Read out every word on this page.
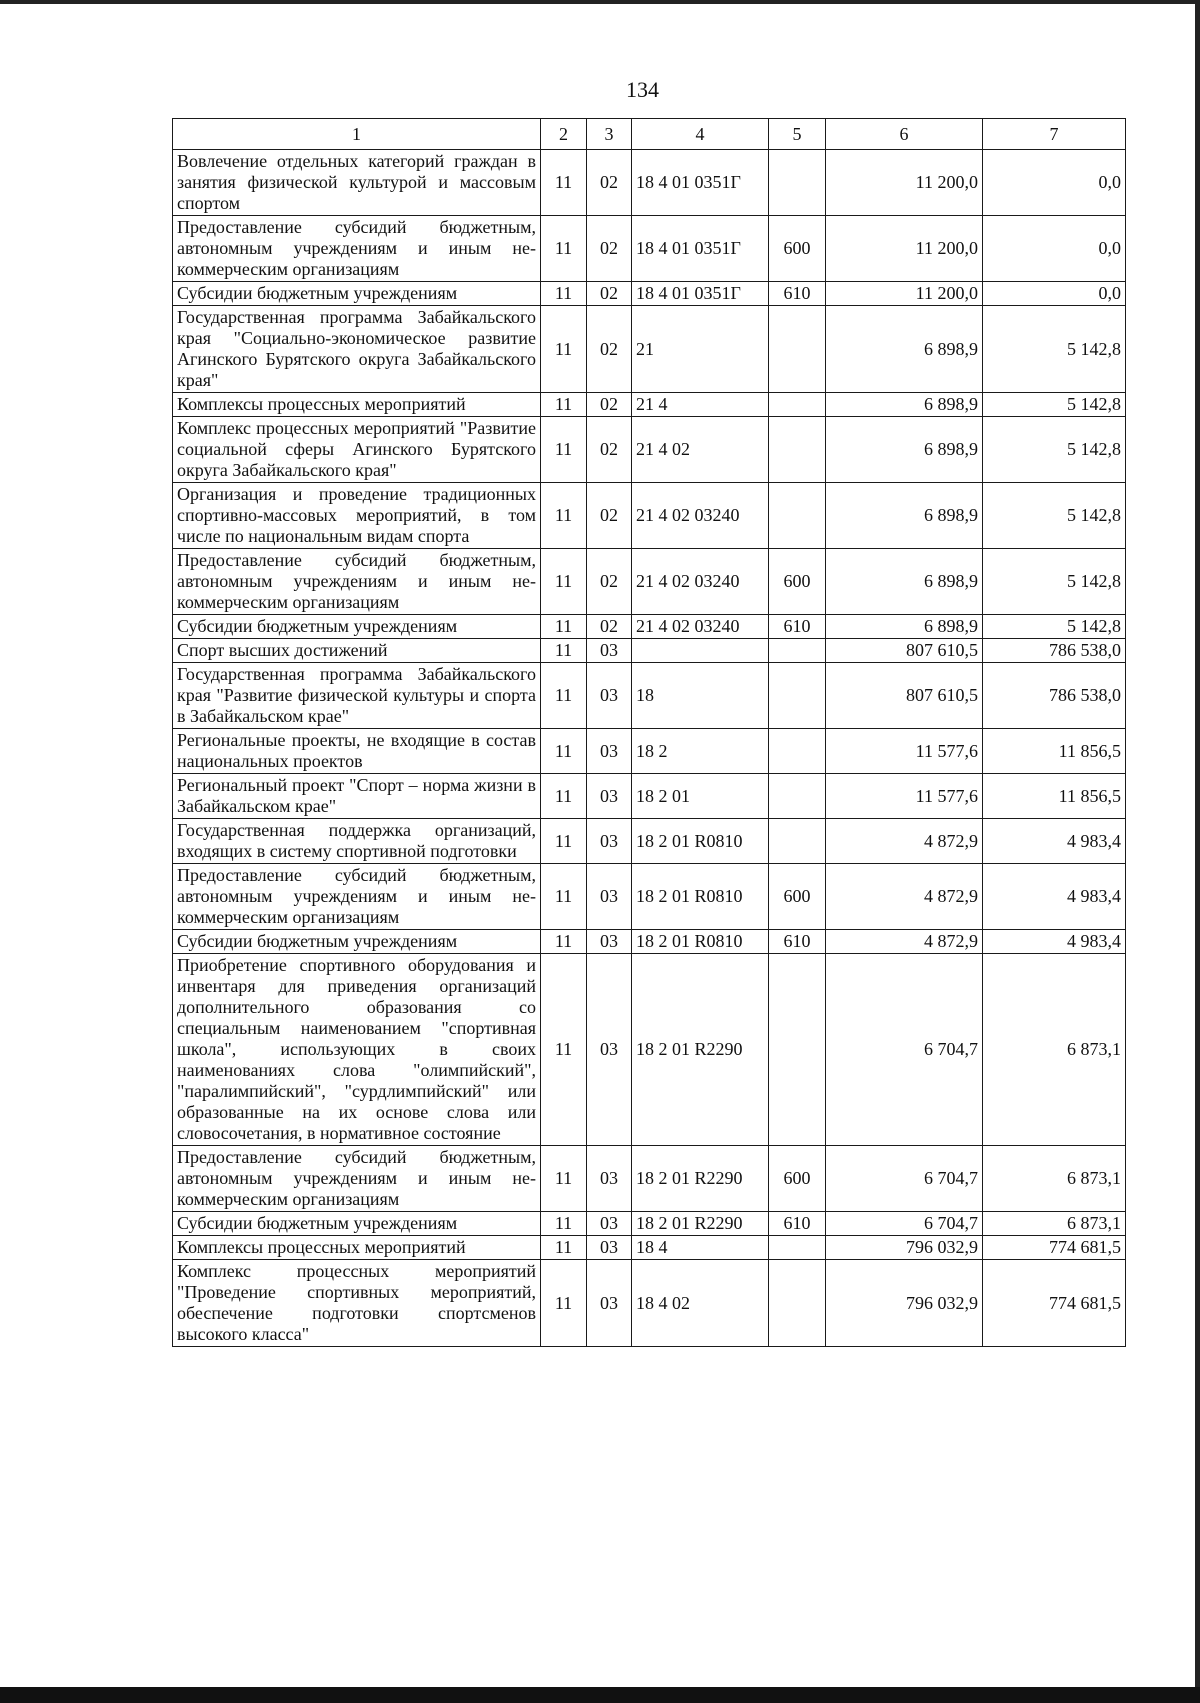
134
1	2	3	4	5	6	7
Вовлечение отдельных категорий граждан в занятия физической культурой и массовым спортом	11	02	18 4 01 0351Г		11 200,0	0,0
Предоставление субсидий бюджетным, автономным учреждениям и иным некоммерческим организациям	11	02	18 4 01 0351Г	600	11 200,0	0,0
Субсидии бюджетным учреждениям	11	02	18 4 01 0351Г	610	11 200,0	0,0
Государственная программа Забайкальского края "Социально-экономическое развитие Агинского Бурятского округа Забайкальского края"	11	02	21		6 898,9	5 142,8
Комплексы процессных мероприятий	11	02	21 4		6 898,9	5 142,8
Комплекс процессных мероприятий "Развитие социальной сферы Агинского Бурятского округа Забайкальского края"	11	02	21 4 02		6 898,9	5 142,8
Организация и проведение традиционных спортивно-массовых мероприятий, в том числе по национальным видам спорта	11	02	21 4 02 03240		6 898,9	5 142,8
Предоставление субсидий бюджетным, автономным учреждениям и иным некоммерческим организациям	11	02	21 4 02 03240	600	6 898,9	5 142,8
Субсидии бюджетным учреждениям	11	02	21 4 02 03240	610	6 898,9	5 142,8
Спорт высших достижений	11	03			807 610,5	786 538,0
Государственная программа Забайкальского края "Развитие физической культуры и спорта в Забайкальском крае"	11	03	18		807 610,5	786 538,0
Региональные проекты, не входящие в состав национальных проектов	11	03	18 2		11 577,6	11 856,5
Региональный проект "Спорт – норма жизни в Забайкальском крае"	11	03	18 2 01		11 577,6	11 856,5
Государственная поддержка организаций, входящих в систему спортивной подготовки	11	03	18 2 01 R0810		4 872,9	4 983,4
Предоставление субсидий бюджетным, автономным учреждениям и иным некоммерческим организациям	11	03	18 2 01 R0810	600	4 872,9	4 983,4
Субсидии бюджетным учреждениям	11	03	18 2 01 R0810	610	4 872,9	4 983,4
Приобретение спортивного оборудования и инвентаря для приведения организаций дополнительного образования со специальным наименованием "спортивная школа", использующих в своих наименованиях слова "олимпийский", "паралимпийский", "сурдлимпийский" или образованные на их основе слова или словосочетания, в нормативное состояние	11	03	18 2 01 R2290		6 704,7	6 873,1
Предоставление субсидий бюджетным, автономным учреждениям и иным некоммерческим организациям	11	03	18 2 01 R2290	600	6 704,7	6 873,1
Субсидии бюджетным учреждениям	11	03	18 2 01 R2290	610	6 704,7	6 873,1
Комплексы процессных мероприятий	11	03	18 4		796 032,9	774 681,5
Комплекс процессных мероприятий "Проведение спортивных мероприятий, обеспечение подготовки спортсменов высокого класса"	11	03	18 4 02		796 032,9	774 681,5
